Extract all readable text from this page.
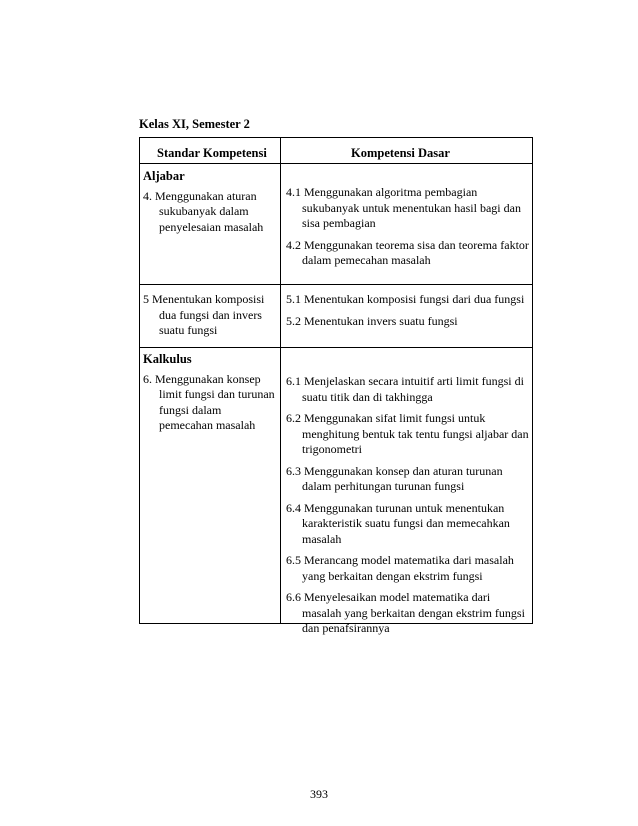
Kelas XI, Semester 2
Standar Kompetensi	Kompetensi Dasar
Aljabar
4. Menggunakan aturan sukubanyak dalam penyelesaian masalah
4.1 Menggunakan algoritma pembagian sukubanyak untuk menentukan hasil bagi dan sisa pembagian
4.2 Menggunakan teorema sisa dan teorema faktor dalam pemecahan masalah
5 Menentukan komposisi dua fungsi dan invers suatu fungsi
5.1 Menentukan komposisi fungsi dari dua fungsi
5.2 Menentukan invers suatu fungsi
Kalkulus
6. Menggunakan konsep limit fungsi dan turunan fungsi dalam pemecahan masalah
6.1 Menjelaskan secara intuitif arti limit fungsi di suatu titik dan di takhingga
6.2 Menggunakan sifat limit fungsi untuk menghitung bentuk tak tentu fungsi aljabar dan trigonometri
6.3 Menggunakan konsep dan aturan turunan dalam perhitungan turunan fungsi
6.4 Menggunakan turunan untuk menentukan karakteristik suatu fungsi dan memecahkan masalah
6.5 Merancang model matematika dari masalah yang berkaitan dengan ekstrim fungsi
6.6 Menyelesaikan model matematika dari masalah yang berkaitan dengan ekstrim fungsi dan penafsirannya
393
